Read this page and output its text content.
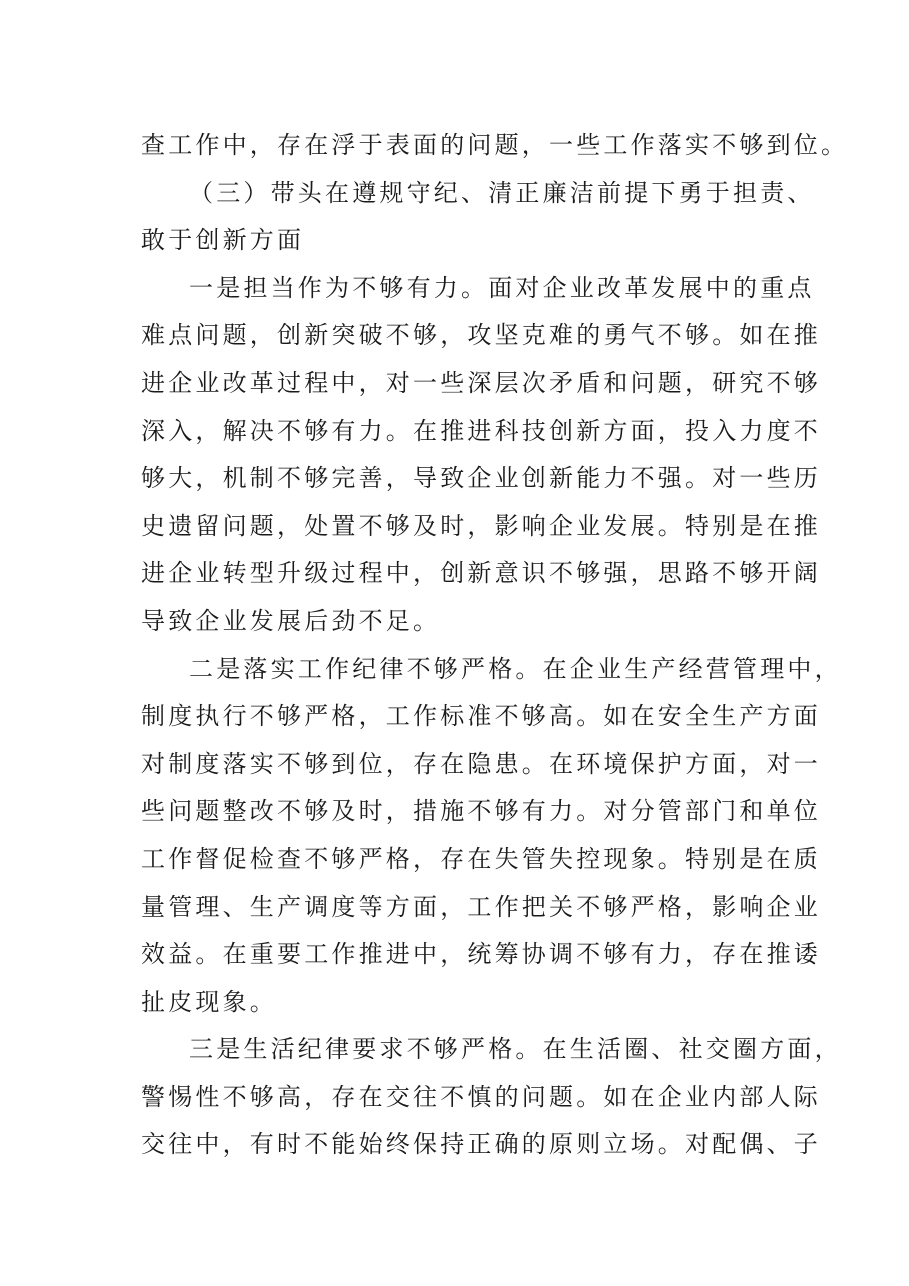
查工作中，存在浮于表面的问题，一些工作落实不够到位。
（三）带头在遵规守纪、清正廉洁前提下勇于担责、
敢于创新方面
一是担当作为不够有力。面对企业改革发展中的重点
难点问题，创新突破不够，攻坚克难的勇气不够。如在推
进企业改革过程中，对一些深层次矛盾和问题，研究不够
深入，解决不够有力。在推进科技创新方面，投入力度不
够大，机制不够完善，导致企业创新能力不强。对一些历
史遗留问题，处置不够及时，影响企业发展。特别是在推
进企业转型升级过程中，创新意识不够强，思路不够开阔
导致企业发展后劲不足。
二是落实工作纪律不够严格。在企业生产经营管理中，
制度执行不够严格，工作标准不够高。如在安全生产方面
对制度落实不够到位，存在隐患。在环境保护方面，对一
些问题整改不够及时，措施不够有力。对分管部门和单位
工作督促检查不够严格，存在失管失控现象。特别是在质
量管理、生产调度等方面，工作把关不够严格，影响企业
效益。在重要工作推进中，统筹协调不够有力，存在推诿
扯皮现象。
三是生活纪律要求不够严格。在生活圈、社交圈方面，
警惕性不够高，存在交往不慎的问题。如在企业内部人际
交往中，有时不能始终保持正确的原则立场。对配偶、子
